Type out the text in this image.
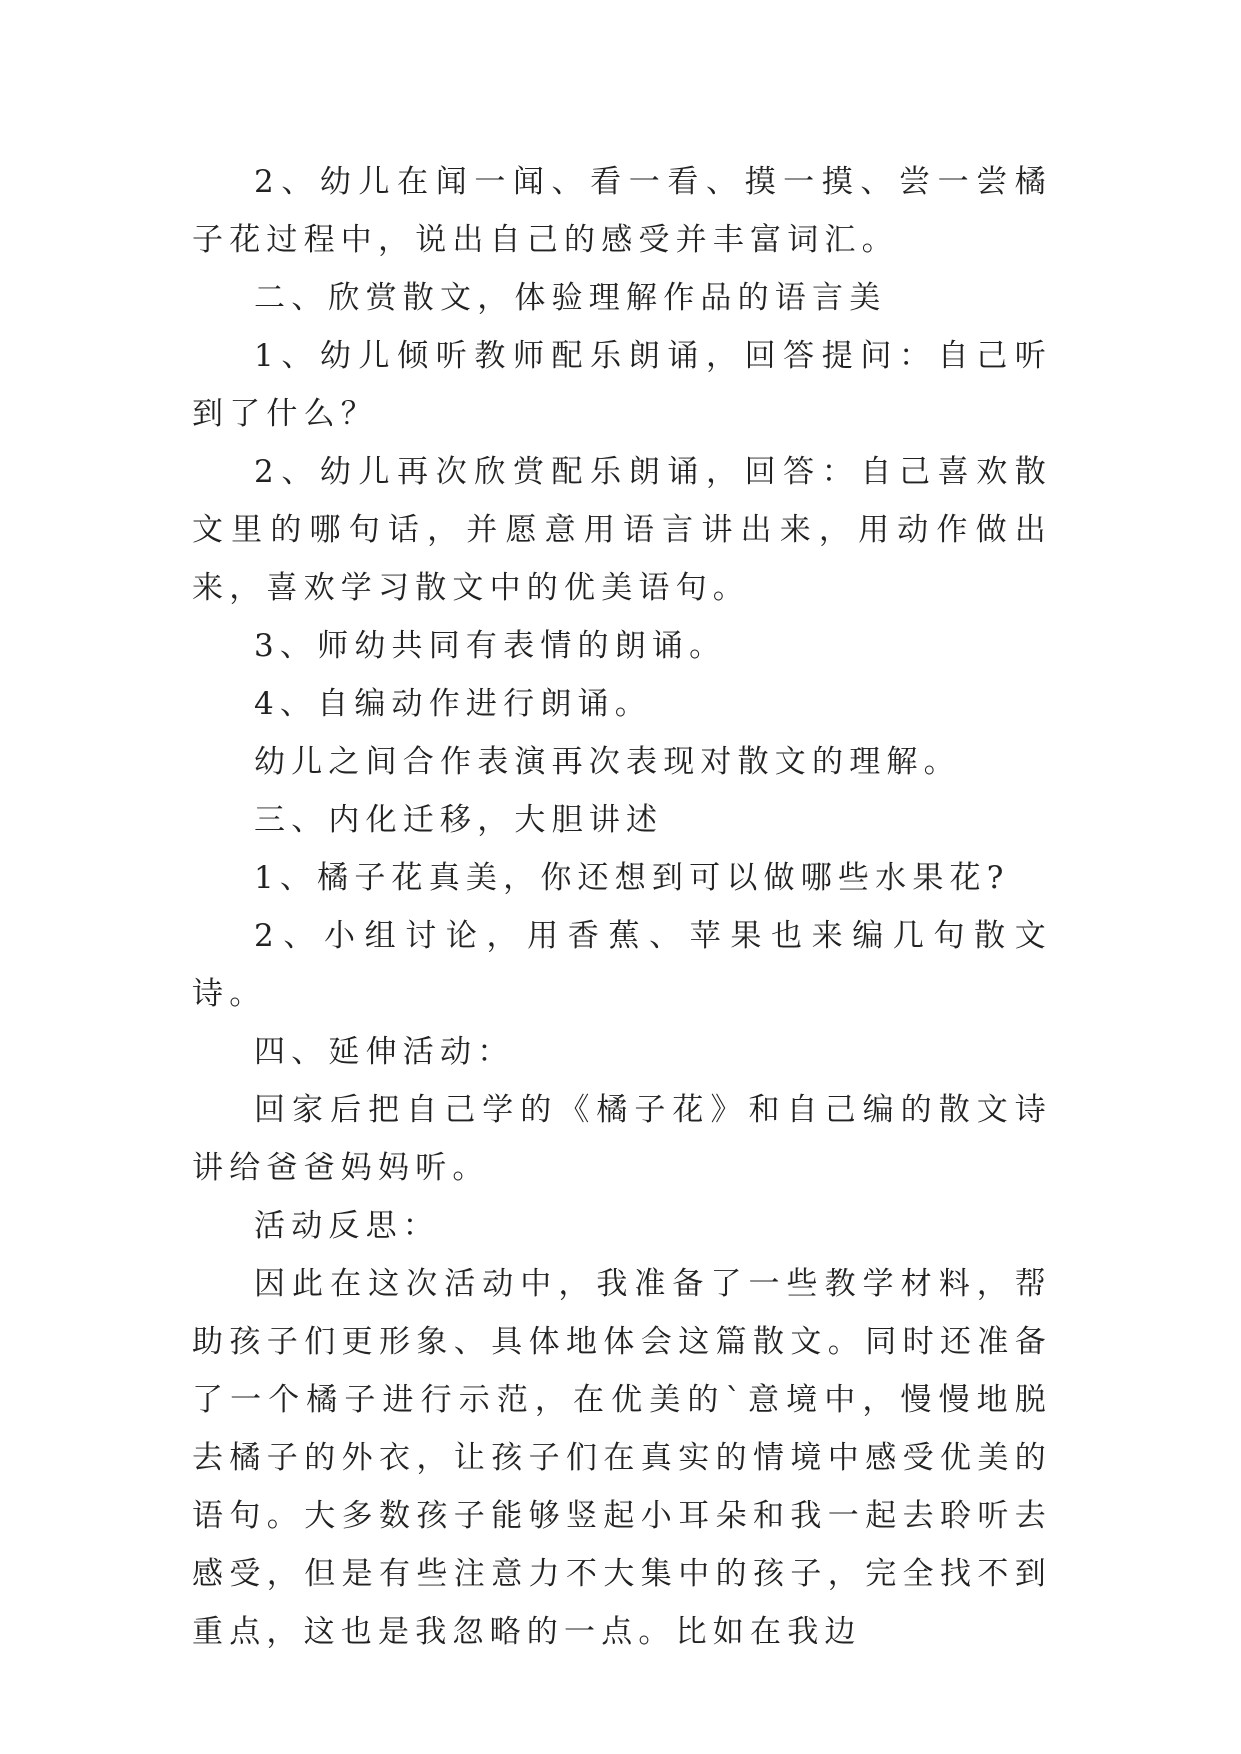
2、幼儿在闻一闻、看一看、摸一摸、尝一尝橘子花过程中，说出自己的感受并丰富词汇。

二、欣赏散文，体验理解作品的语言美

1、幼儿倾听教师配乐朗诵，回答提问：自己听到了什么？

2、幼儿再次欣赏配乐朗诵，回答：自己喜欢散文里的哪句话，并愿意用语言讲出来，用动作做出来，喜欢学习散文中的优美语句。

3、师幼共同有表情的朗诵。

4、自编动作进行朗诵。

幼儿之间合作表演再次表现对散文的理解。

三、内化迁移，大胆讲述

1、橘子花真美，你还想到可以做哪些水果花?

2、小组讨论，用香蕉、苹果也来编几句散文诗。

四、延伸活动：

回家后把自己学的《橘子花》和自己编的散文诗讲给爸爸妈妈听。

活动反思：

因此在这次活动中，我准备了一些教学材料，帮助孩子们更形象、具体地体会这篇散文。同时还准备了一个橘子进行示范，在优美的`意境中，慢慢地脱去橘子的外衣，让孩子们在真实的情境中感受优美的语句。大多数孩子能够竖起小耳朵和我一起去聆听去感受，但是有些注意力不大集中的孩子，完全找不到重点，这也是我忽略的一点。比如在我边
